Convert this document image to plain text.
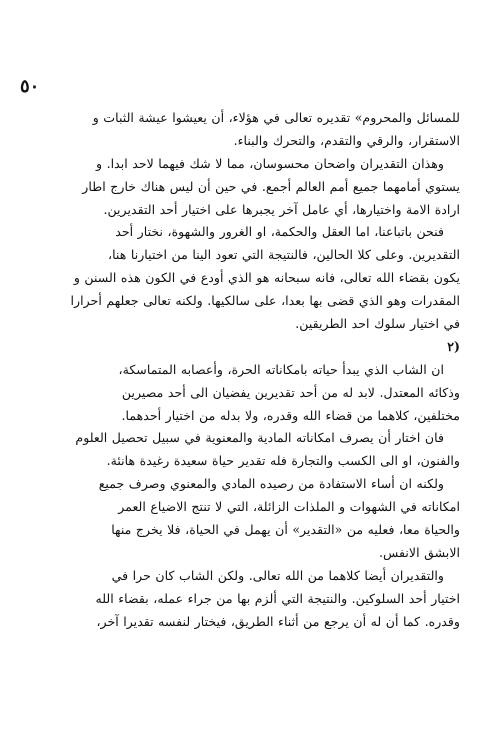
٥٠
للمسائل والمحروم» تقديره تعالى في هؤلاء، أن يعيشوا عيشة الثبات و
الاستقرار، والرقي والتقدم، والتحرك والبناء.
وهذان التقديران واضحان محسوسان، مما لا شك فيهما لاحد ابدا. و
يستوي أمامهما جميع أمم العالم أجمع. في حين أن ليس هناك خارج اطار
ارادة الامة واختيارها، أي عامل آخر يجبرها على اختيار أحد التقديرين.
فنحن باتباعنا، اما العقل والحكمة، او الغرور والشهوة، نختار أحد
التقديرين. وعلى كلا الحالين، فالنتيجة التي تعود الينا من اختيارنا هنا،
يكون بقضاء الله تعالى، فانه سبحانه هو الذي أودع في الكون هذه السنن و
المقدرات وهو الذي قضى بها بعدا، على سالكيها. ولكنه تعالى جعلهم أحرارا
في اختيار سلوك احد الطريقين.
٢)
ان الشاب الذي يبدأ حياته بامكاناته الحرة، وأعصابه المتماسكة،
وذكائه المعتدل. لابد له من أحد تقديرين يفضيان الى أحد مصيرين
مختلفين، كلاهما من قضاء الله وقدره، ولا بدله من اختيار أحدهما.
فان اختار أن يصرف امكاناته المادية والمعنوية في سبيل تحصيل العلوم
والفنون، او الى الكسب والتجارة فله تقدير حياة سعيدة رغيدة هانئة.
ولكنه ان أساء الاستفادة من رصيده المادي والمعنوي وصرف جميع
امكاناته في الشهوات و الملذات الزائلة، التي لا تنتج الاضياع العمر
والحياة معا، فعليه من «التقدير» أن يهمل في الحياة، فلا يخرج منها
الابشق الانفس.
والتقديران أيضا كلاهما من الله تعالى. ولكن الشاب كان حرا في
اختيار أحد السلوكين. والنتيجة التي ألزم بها من جراء عمله، بقضاء الله
وقدره. كما أن له أن يرجع من أثناء الطريق، فيختار لنفسه تقديرا آخر،
